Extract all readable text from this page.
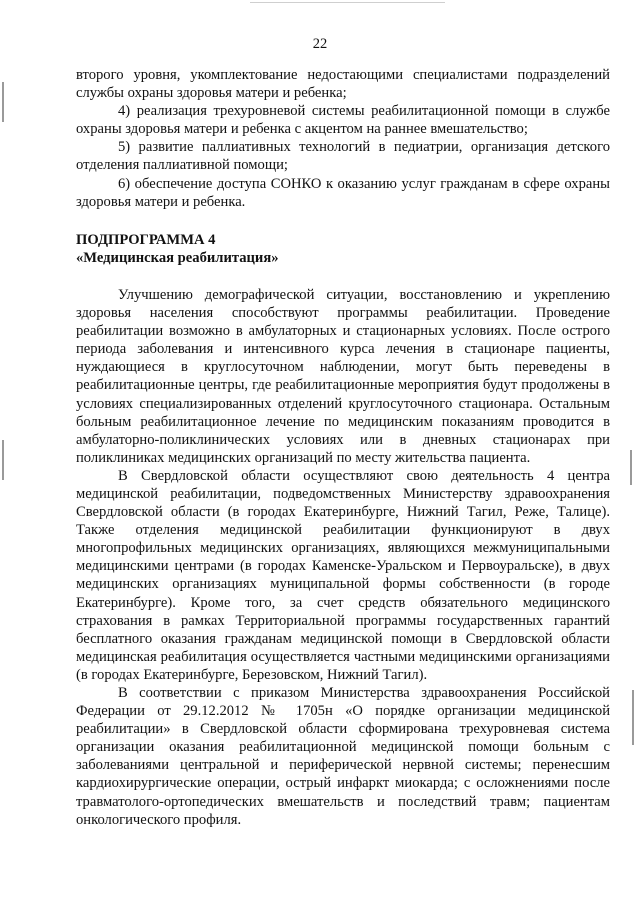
22

второго уровня, укомплектование недостающими специалистами подразделений службы охраны здоровья матери и ребенка;

4) реализация трехуровневой системы реабилитационной помощи в службе охраны здоровья матери и ребенка с акцентом на раннее вмешательство;

5) развитие паллиативных технологий в педиатрии, организация детского отделения паллиативной помощи;

6) обеспечение доступа СОНКО к оказанию услуг гражданам в сфере охраны здоровья матери и ребенка.

ПОДПРОГРАММА 4

«Медицинская реабилитация»

Улучшению демографической ситуации, восстановлению и укреплению здоровья населения способствуют программы реабилитации. Проведение реабилитации возможно в амбулаторных и стационарных условиях. После острого периода заболевания и интенсивного курса лечения в стационаре пациенты, нуждающиеся в круглосуточном наблюдении, могут быть переведены в реабилитационные центры, где реабилитационные мероприятия будут продолжены в условиях специализированных отделений круглосуточного стационара. Остальным больным реабилитационное лечение по медицинским показаниям проводится в амбулаторно-поликлинических условиях или в дневных стационарах при поликлиниках медицинских организаций по месту жительства пациента.

В Свердловской области осуществляют свою деятельность 4 центра медицинской реабилитации, подведомственных Министерству здравоохранения Свердловской области (в городах Екатеринбурге, Нижний Тагил, Реже, Талице). Также отделения медицинской реабилитации функционируют в двух многопрофильных медицинских организациях, являющихся межмуниципальными медицинскими центрами (в городах Каменске-Уральском и Первоуральске), в двух медицинских организациях муниципальной формы собственности (в городе Екатеринбурге). Кроме того, за счет средств обязательного медицинского страхования в рамках Территориальной программы государственных гарантий бесплатного оказания гражданам медицинской помощи в Свердловской области медицинская реабилитация осуществляется частными медицинскими организациями (в городах Екатеринбурге, Березовском, Нижний Тагил).

В соответствии с приказом Министерства здравоохранения Российской Федерации от 29.12.2012 № 1705н «О порядке организации медицинской реабилитации» в Свердловской области сформирована трехуровневая система организации оказания реабилитационной медицинской помощи больным с заболеваниями центральной и периферической нервной системы; перенесшим кардиохирургические операции, острый инфаркт миокарда; с осложнениями после травматолого-ортопедических вмешательств и последствий травм; пациентам онкологического профиля.
